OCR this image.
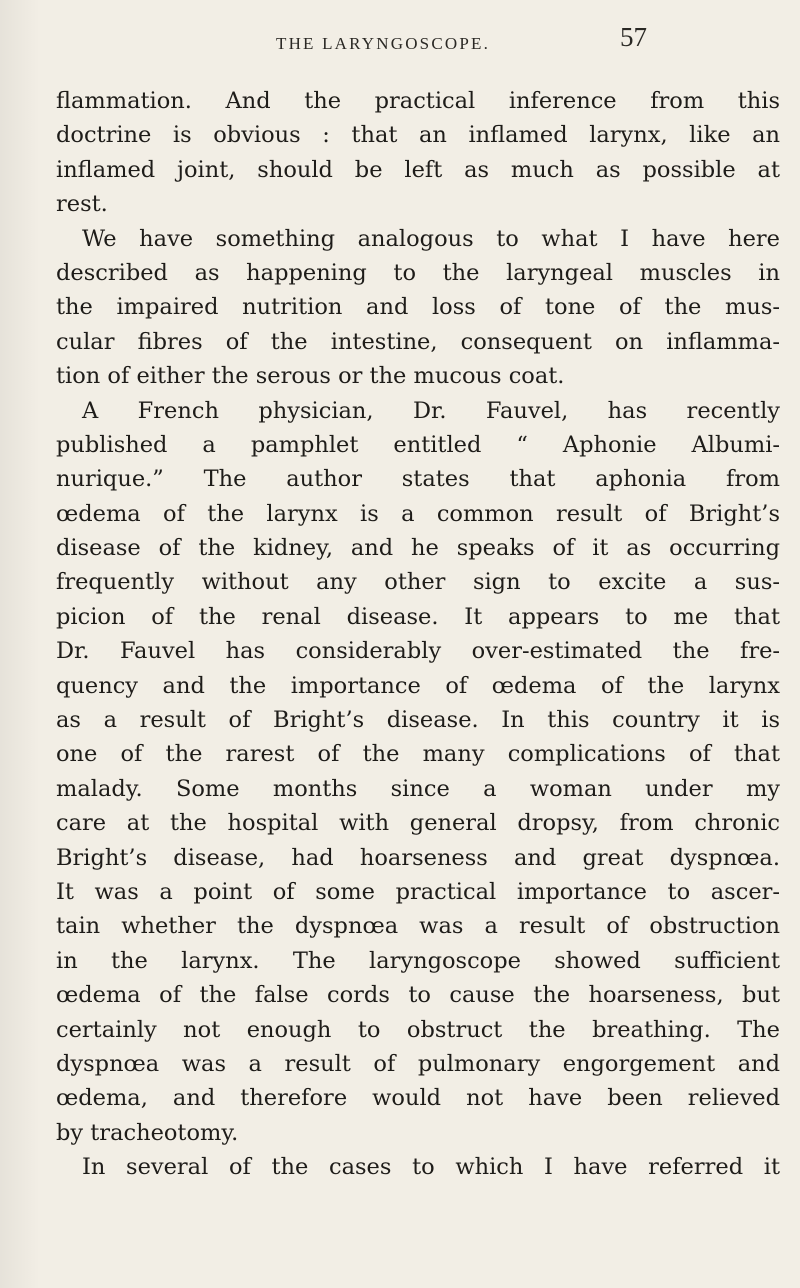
THE LARYNGOSCOPE.	57
flammation. And the practical inference from this
doctrine is obvious : that an inflamed larynx, like an
inflamed joint, should be left as much as possible at
rest.
We have something analogous to what I have here
described as happening to the laryngeal muscles in
the impaired nutrition and loss of tone of the mus-
cular fibres of the intestine, consequent on inflamma-
tion of either the serous or the mucous coat.
A French physician, Dr. Fauvel, has recently
published a pamphlet entitled “ Aphonie Albumi-
nurique.” The author states that aphonia from
œdema of the larynx is a common result of Bright’s
disease of the kidney, and he speaks of it as occurring
frequently without any other sign to excite a sus-
picion of the renal disease. It appears to me that
Dr. Fauvel has considerably over-estimated the fre-
quency and the importance of œdema of the larynx
as a result of Bright’s disease. In this country it is
one of the rarest of the many complications of that
malady. Some months since a woman under my
care at the hospital with general dropsy, from chronic
Bright’s disease, had hoarseness and great dyspnœa.
It was a point of some practical importance to ascer-
tain whether the dyspnœa was a result of obstruction
in the larynx. The laryngoscope showed sufficient
œdema of the false cords to cause the hoarseness, but
certainly not enough to obstruct the breathing. The
dyspnœa was a result of pulmonary engorgement and
œdema, and therefore would not have been relieved
by tracheotomy.
In several of the cases to which I have referred it
